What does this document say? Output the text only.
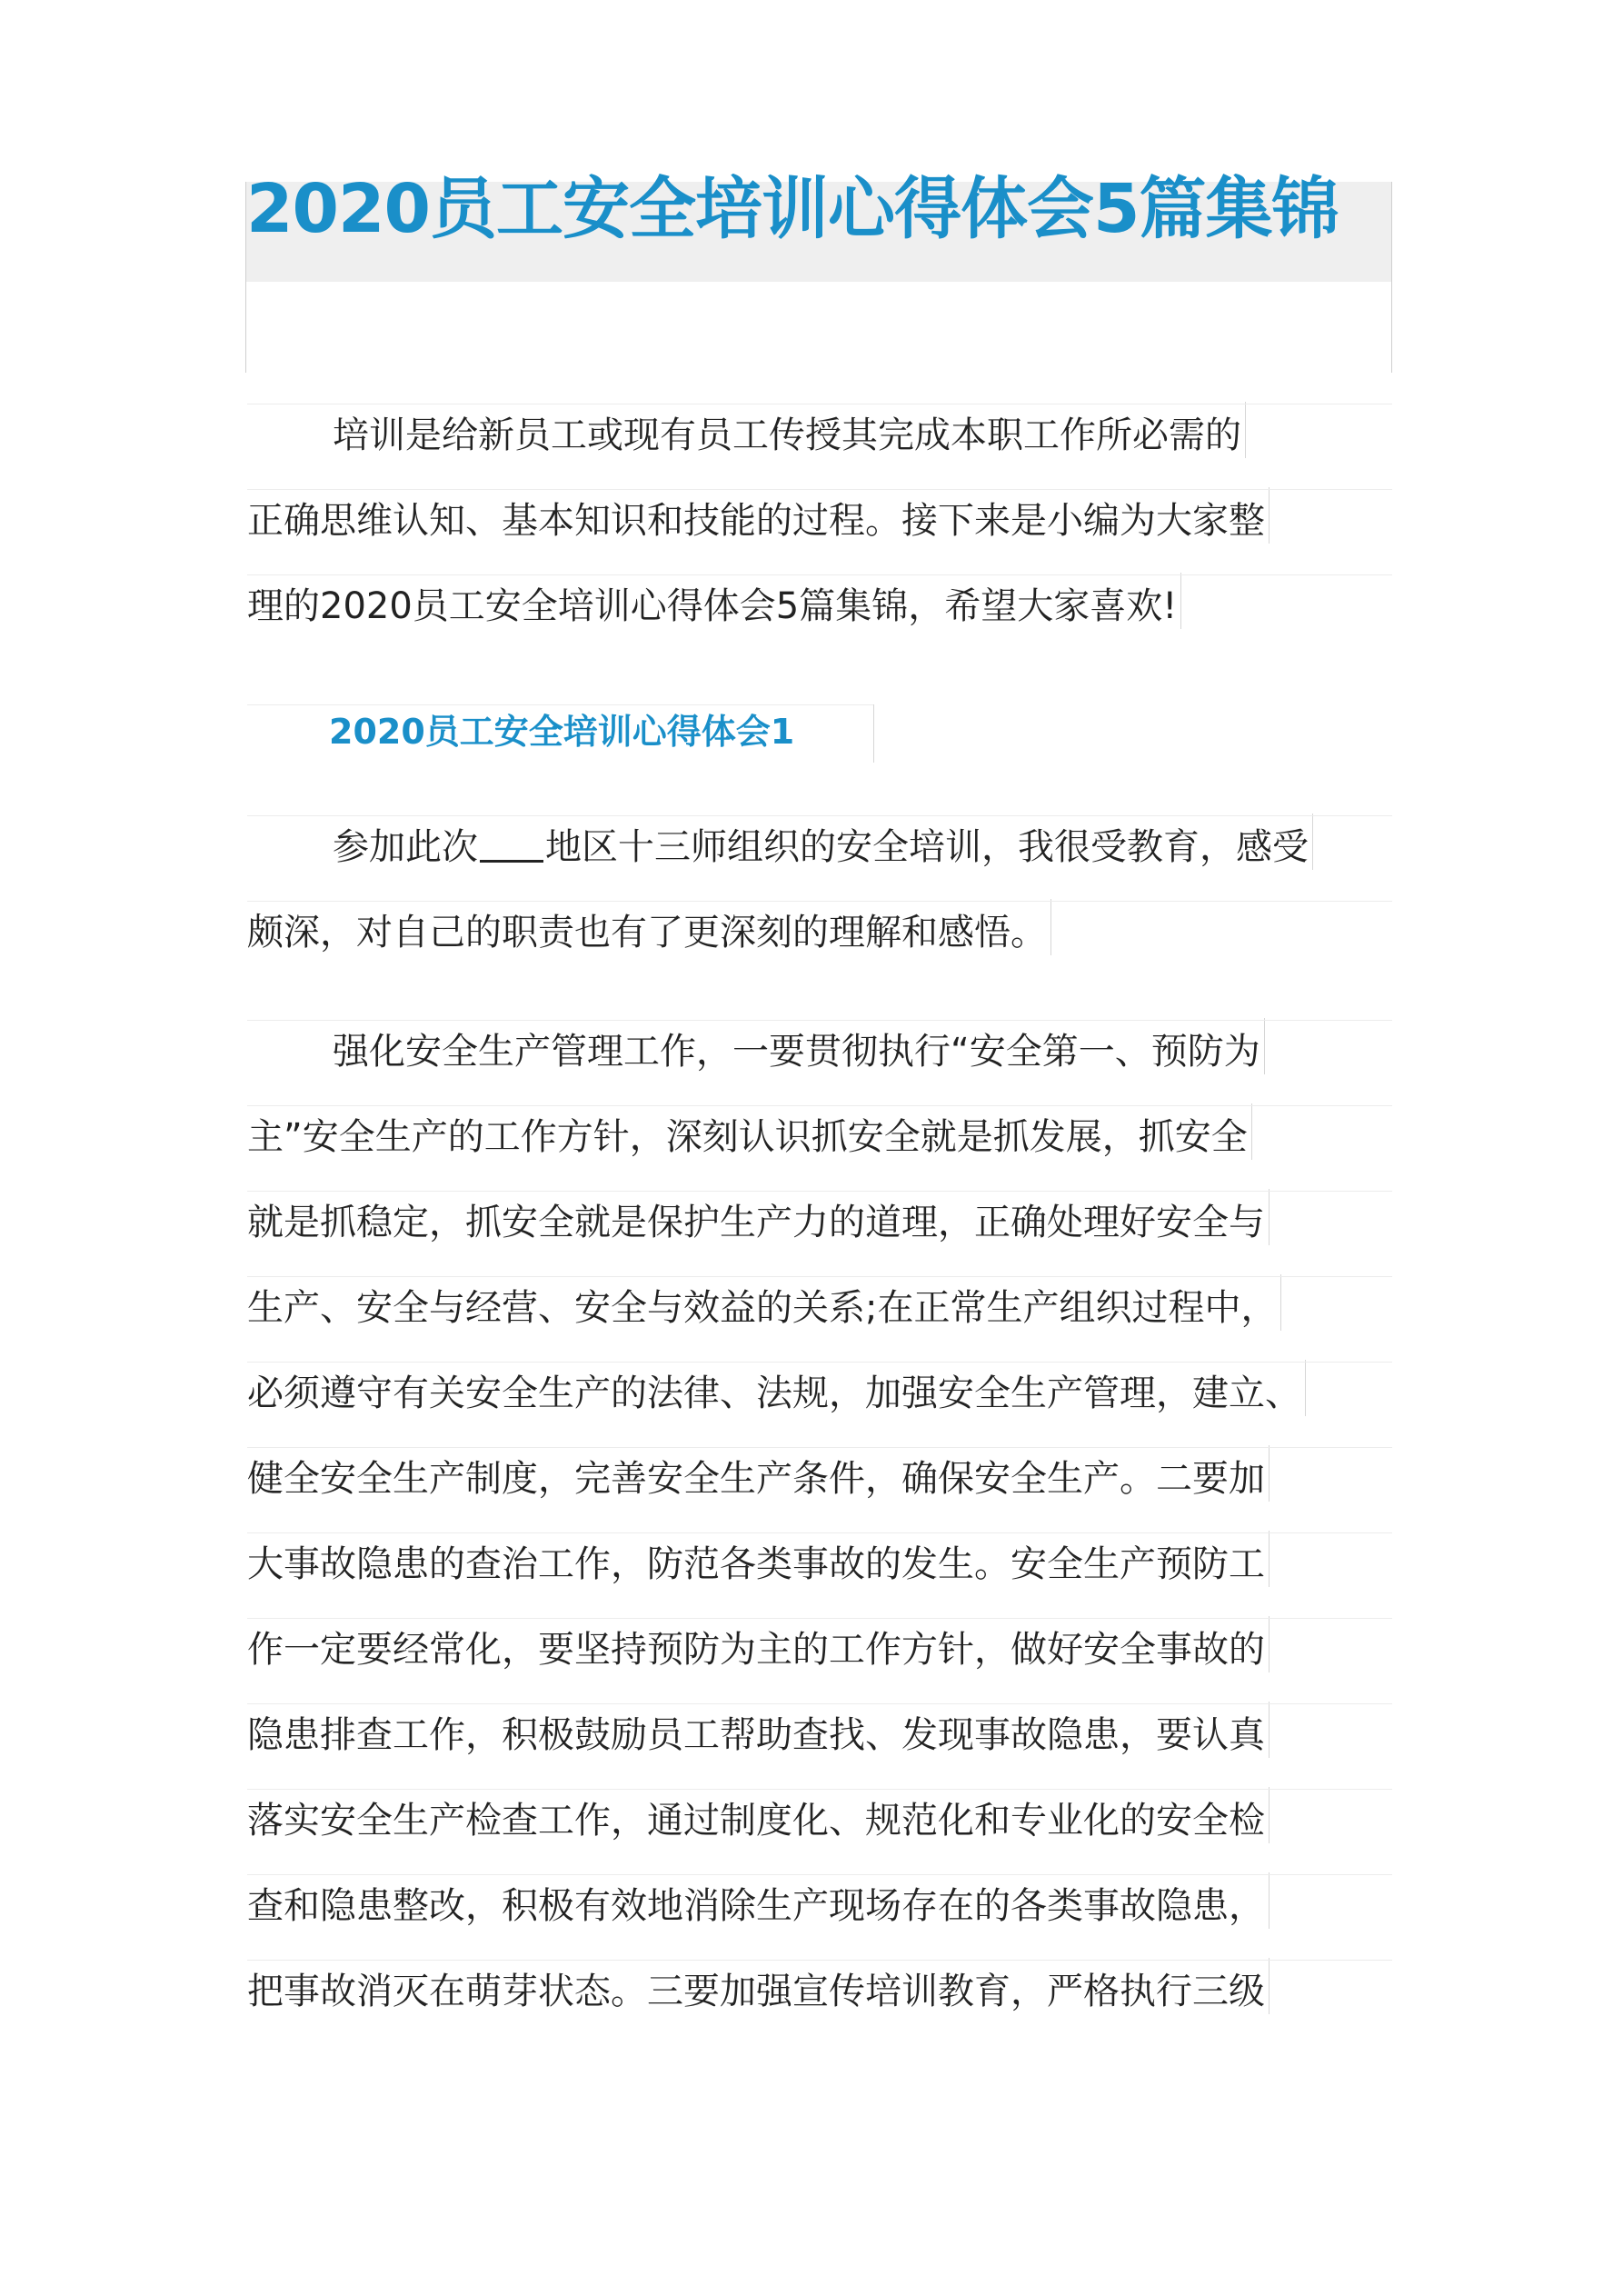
2020员工安全培训心得体会5篇集锦
培训是给新员工或现有员工传授其完成本职工作所必需的
正确思维认知、基本知识和技能的过程。接下来是小编为大家整
理的2020员工安全培训心得体会5篇集锦，希望大家喜欢!
2020员工安全培训心得体会1
参加此次 地区十三师组织的安全培训，我很受教育，感受
颇深，对自己的职责也有了更深刻的理解和感悟。
强化安全生产管理工作，一要贯彻执行“安全第一、预防为
主”安全生产的工作方针，深刻认识抓安全就是抓发展，抓安全
就是抓稳定，抓安全就是保护生产力的道理，正确处理好安全与
生产、安全与经营、安全与效益的关系;在正常生产组织过程中，
必须遵守有关安全生产的法律、法规，加强安全生产管理，建立、
健全安全生产制度，完善安全生产条件，确保安全生产。二要加
大事故隐患的查治工作，防范各类事故的发生。安全生产预防工
作一定要经常化，要坚持预防为主的工作方针，做好安全事故的
隐患排查工作，积极鼓励员工帮助查找、发现事故隐患，要认真
落实安全生产检查工作，通过制度化、规范化和专业化的安全检
查和隐患整改，积极有效地消除生产现场存在的各类事故隐患，
把事故消灭在萌芽状态。三要加强宣传培训教育，严格执行三级
